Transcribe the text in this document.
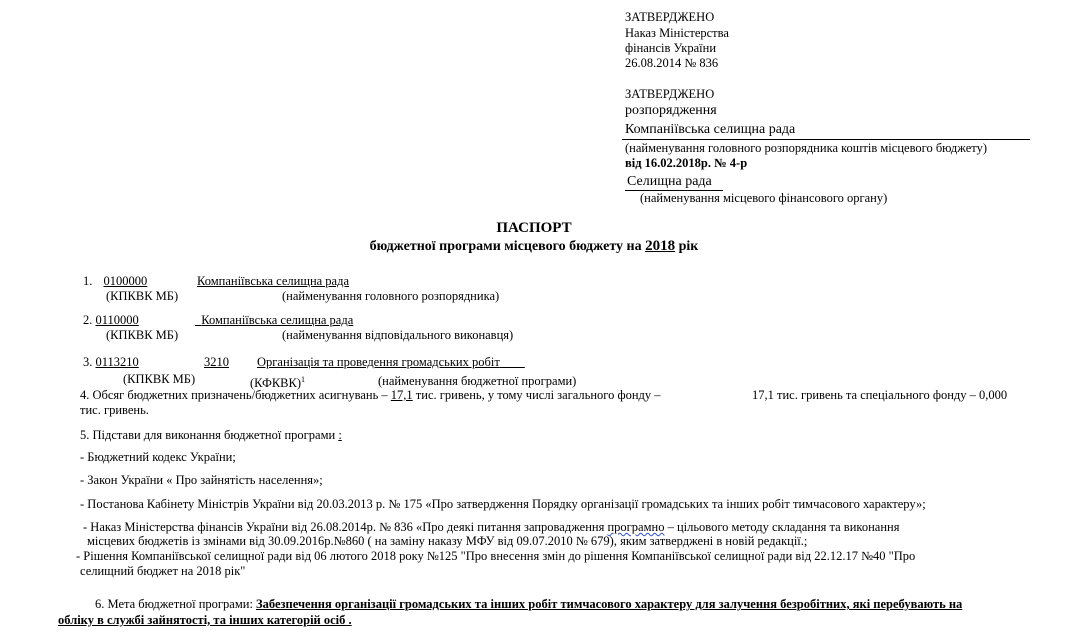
ЗАТВЕРДЖЕНО
Наказ Міністерства
фінансів України
26.08.2014 № 836
ЗАТВЕРДЖЕНО
розпорядження
Компаніївська селищна рада
(найменування головного розпорядника коштів місцевого бюджету)
від 16.02.2018р. № 4-р
Селищна рада
(найменування місцевого фінансового органу)
ПАСПОРТ
бюджетної програми місцевого бюджету на 2018 рік
1. 0100000	Компаніївська селищна рада
(КПКВК МБ)	(найменування головного розпорядника)
2. 0110000	Компаніївська селищна рада
(КПКВК МБ)	(найменування відповідального виконавця)
3. 0113210	3210	Організація та проведення громадських робіт
(КПКВК МБ)	(КФКВК)$^1$	(найменування бюджетної програми)
4. Обсяг бюджетних призначень/бюджетних асигнувань – 17,1 тис. гривень, у тому числі загального фонду –	17,1 тис. гривень та спеціального фонду – 0,000
тис. гривень.
5. Підстави для виконання бюджетної програми :
- Бюджетний кодекс України;
- Закон України « Про зайнятість населення»;
- Постанова Кабінету Міністрів України від 20.03.2013 р. № 175 «Про затвердження Порядку організації громадських та інших робіт тимчасового характеру»;
- Наказ Міністерства фінансів України від 26.08.2014р. № 836 «Про деякі питання запровадження програмно – цільового методу складання та виконання
місцевих бюджетів із змінами від 30.09.2016р.№860 ( на заміну наказу МФУ від 09.07.2010 № 679), яким затверджені в новій редакції.;
- Рішення Компаніївської селищної ради від 06 лютого 2018 року №125 "Про внесення змін до рішення Компаніївської селищної ради від 22.12.17 №40 "Про
селищний бюджет на 2018 рік"
6. Мета бюджетної програми: Забезпечення організації громадських та інших робіт тимчасового характеру для залучення безробітних, які перебувають на
обліку в службі зайнятості, та інших категорій осіб .
